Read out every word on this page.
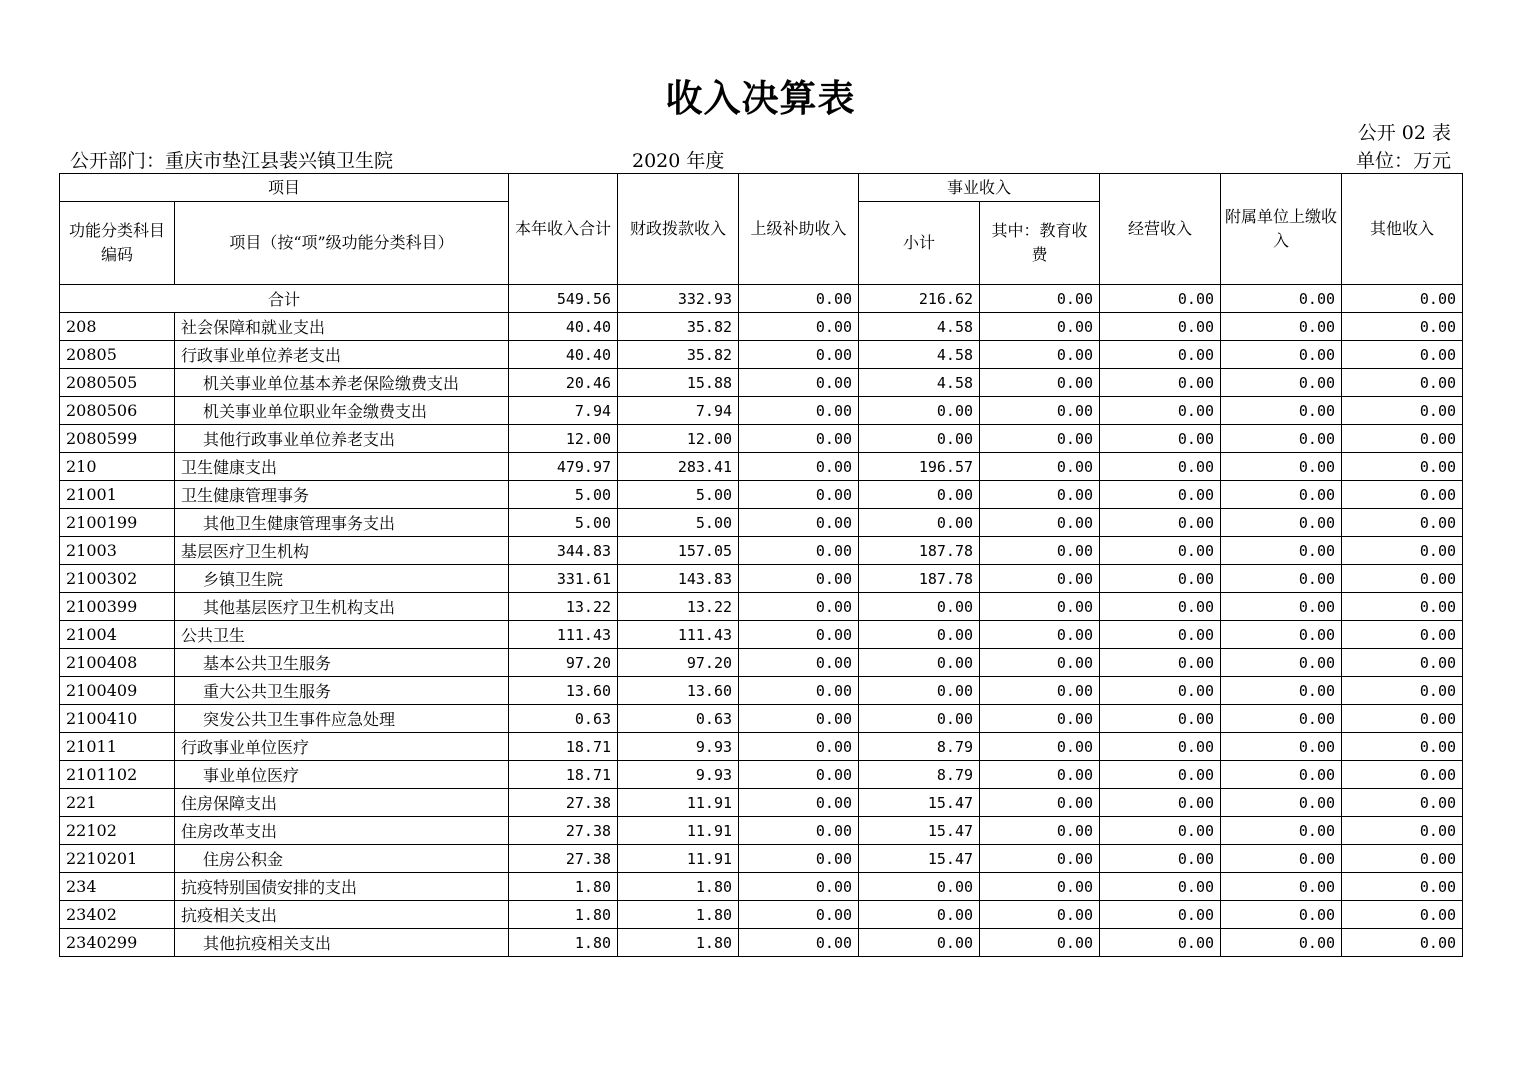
收入决算表
公开 02 表
公开部门：重庆市垫江县裴兴镇卫生院	2020 年度	单位：万元
项目		本年收入合计	财政拨款收入	上级补助收入	事业收入		经营收入	附属单位上缴收入	其他收入
功能分类科目编码	项目（按“项”级功能分类科目）				小计	其中：教育收费			

合计		549.56	332.93	0.00	216.62	0.00	0.00	0.00	0.00
208	社会保障和就业支出	40.40	35.82	0.00	4.58	0.00	0.00	0.00	0.00
20805	行政事业单位养老支出	40.40	35.82	0.00	4.58	0.00	0.00	0.00	0.00
2080505	机关事业单位基本养老保险缴费支出	20.46	15.88	0.00	4.58	0.00	0.00	0.00	0.00
2080506	机关事业单位职业年金缴费支出	7.94	7.94	0.00	0.00	0.00	0.00	0.00	0.00
2080599	其他行政事业单位养老支出	12.00	12.00	0.00	0.00	0.00	0.00	0.00	0.00
210	卫生健康支出	479.97	283.41	0.00	196.57	0.00	0.00	0.00	0.00
21001	卫生健康管理事务	5.00	5.00	0.00	0.00	0.00	0.00	0.00	0.00
2100199	其他卫生健康管理事务支出	5.00	5.00	0.00	0.00	0.00	0.00	0.00	0.00
21003	基层医疗卫生机构	344.83	157.05	0.00	187.78	0.00	0.00	0.00	0.00
2100302	乡镇卫生院	331.61	143.83	0.00	187.78	0.00	0.00	0.00	0.00
2100399	其他基层医疗卫生机构支出	13.22	13.22	0.00	0.00	0.00	0.00	0.00	0.00
21004	公共卫生	111.43	111.43	0.00	0.00	0.00	0.00	0.00	0.00
2100408	基本公共卫生服务	97.20	97.20	0.00	0.00	0.00	0.00	0.00	0.00
2100409	重大公共卫生服务	13.60	13.60	0.00	0.00	0.00	0.00	0.00	0.00
2100410	突发公共卫生事件应急处理	0.63	0.63	0.00	0.00	0.00	0.00	0.00	0.00
21011	行政事业单位医疗	18.71	9.93	0.00	8.79	0.00	0.00	0.00	0.00
2101102	事业单位医疗	18.71	9.93	0.00	8.79	0.00	0.00	0.00	0.00
221	住房保障支出	27.38	11.91	0.00	15.47	0.00	0.00	0.00	0.00
22102	住房改革支出	27.38	11.91	0.00	15.47	0.00	0.00	0.00	0.00
2210201	住房公积金	27.38	11.91	0.00	15.47	0.00	0.00	0.00	0.00
234	抗疫特别国债安排的支出	1.80	1.80	0.00	0.00	0.00	0.00	0.00	0.00
23402	抗疫相关支出	1.80	1.80	0.00	0.00	0.00	0.00	0.00	0.00
2340299	其他抗疫相关支出	1.80	1.80	0.00	0.00	0.00	0.00	0.00	0.00
